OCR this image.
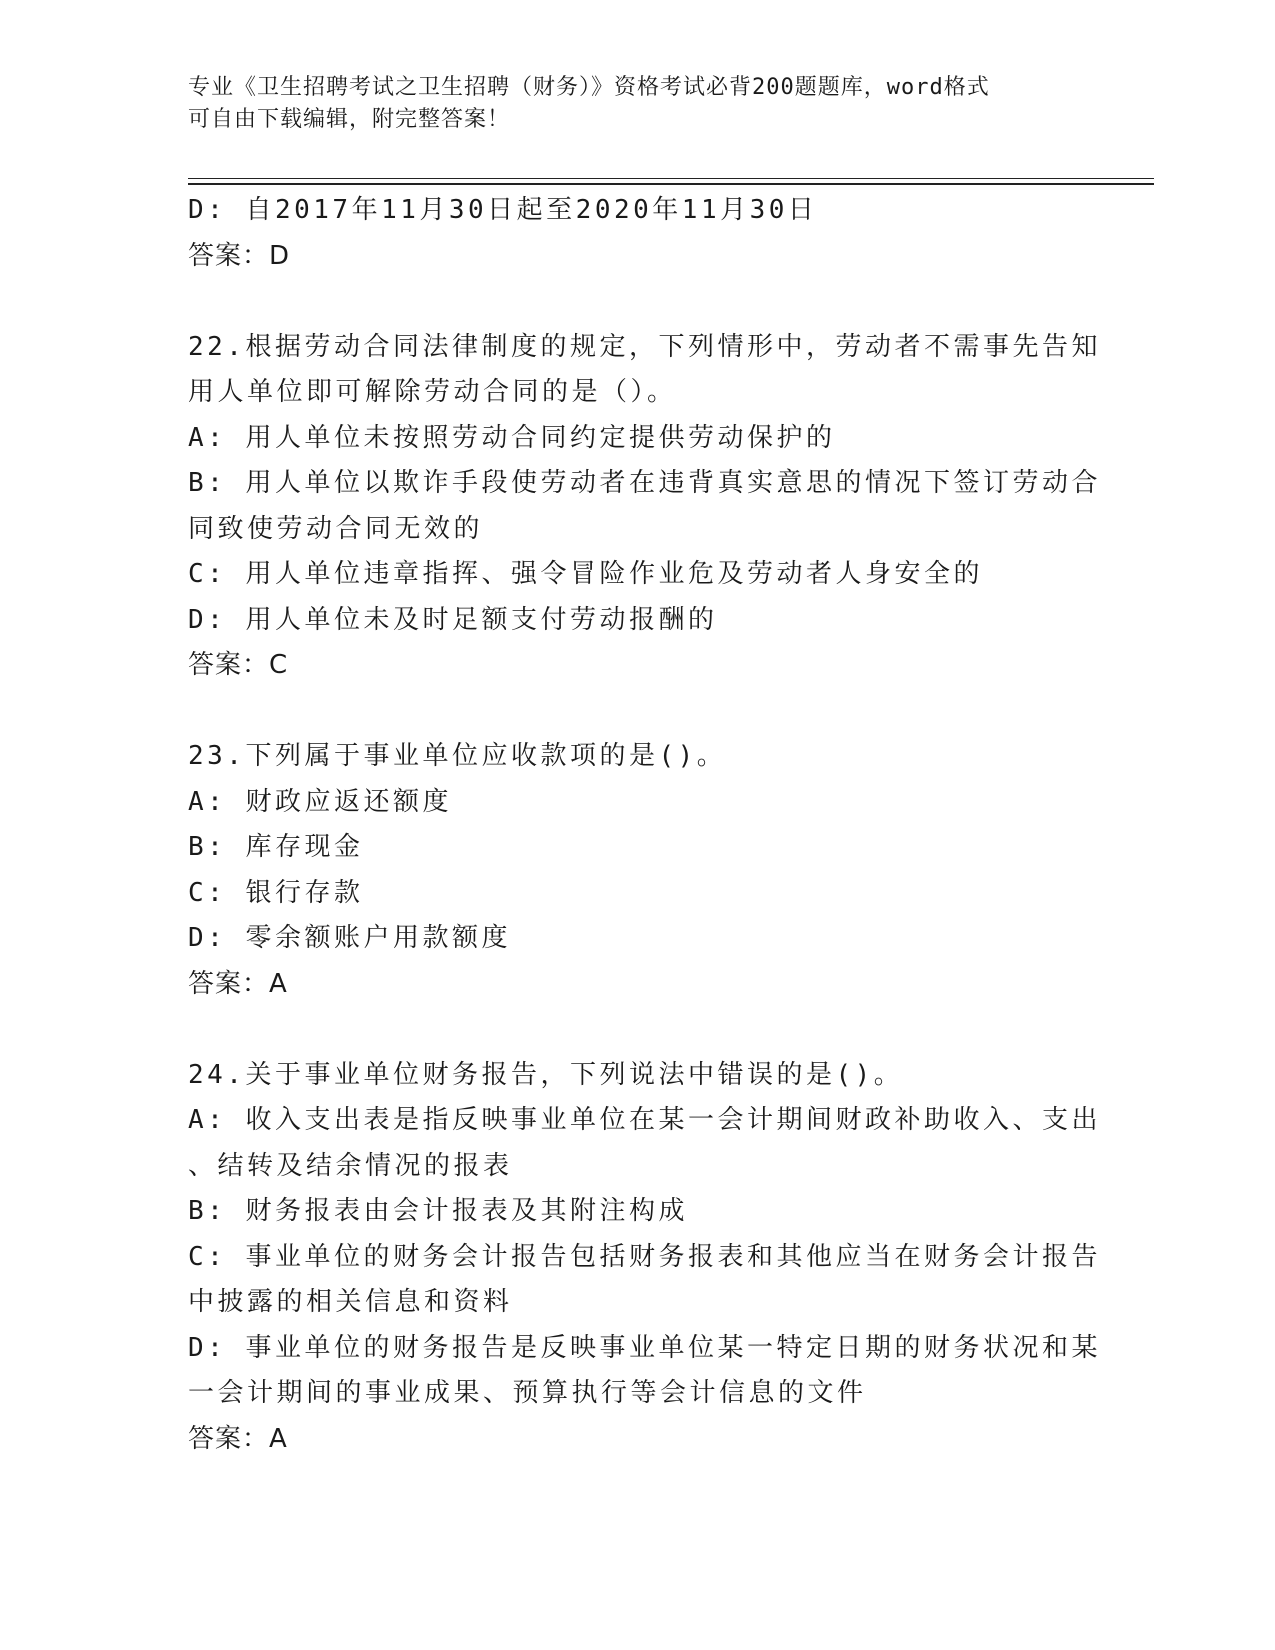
专业《卫生招聘考试之卫生招聘（财务）》资格考试必背200题题库，word格式
可自由下载编辑，附完整答案！
D: 自2017年11月30日起至2020年11月30日
答案：D
22.根据劳动合同法律制度的规定，下列情形中，劳动者不需事先告知
用人单位即可解除劳动合同的是（）。
A: 用人单位未按照劳动合同约定提供劳动保护的
B: 用人单位以欺诈手段使劳动者在违背真实意思的情况下签订劳动合
同致使劳动合同无效的
C: 用人单位违章指挥、强令冒险作业危及劳动者人身安全的
D: 用人单位未及时足额支付劳动报酬的
答案：C
23.下列属于事业单位应收款项的是()。
A: 财政应返还额度
B: 库存现金
C: 银行存款
D: 零余额账户用款额度
答案：A
24.关于事业单位财务报告，下列说法中错误的是()。
A: 收入支出表是指反映事业单位在某一会计期间财政补助收入、支出
、结转及结余情况的报表
B: 财务报表由会计报表及其附注构成
C: 事业单位的财务会计报告包括财务报表和其他应当在财务会计报告
中披露的相关信息和资料
D: 事业单位的财务报告是反映事业单位某一特定日期的财务状况和某
一会计期间的事业成果、预算执行等会计信息的文件
答案：A
